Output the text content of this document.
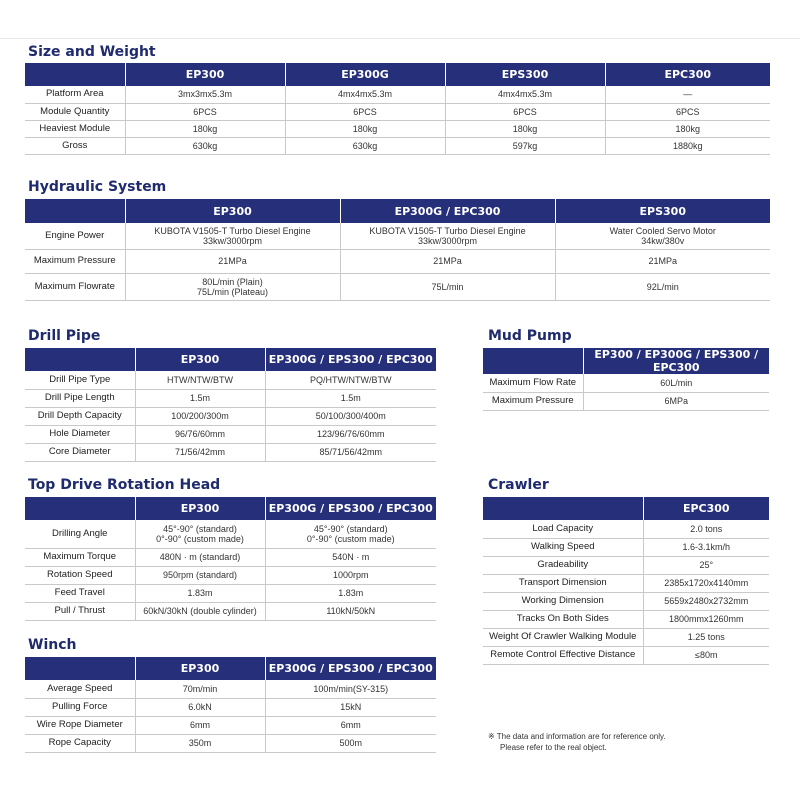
Size and Weight
	EP300	EP300G	EPS300	EPC300
Platform Area	3mx3mx5.3m	4mx4mx5.3m	4mx4mx5.3m	—
Module Quantity	6PCS	6PCS	6PCS	6PCS
Heaviest Module	180kg	180kg	180kg	180kg
Gross	630kg	630kg	597kg	1880kg
Hydraulic System
	EP300	EP300G / EPC300	EPS300
Engine Power	KUBOTA V1505-T Turbo Diesel Engine
33kw/3000rpm	KUBOTA V1505-T Turbo Diesel Engine
33kw/3000rpm	Water Cooled Servo Motor
34kw/380v
Maximum Pressure	21MPa	21MPa	21MPa
Maximum Flowrate	80L/min (Plain)
75L/min (Plateau)	75L/min	92L/min
Drill Pipe
	EP300	EP300G / EPS300 / EPC300
Drill Pipe Type	HTW/NTW/BTW	PQ/HTW/NTW/BTW
Drill Pipe Length	1.5m	1.5m
Drill Depth Capacity	100/200/300m	50/100/300/400m
Hole Diameter	96/76/60mm	123/96/76/60mm
Core Diameter	71/56/42mm	85/71/56/42mm
Mud Pump
	EP300 / EP300G / EPS300 / EPC300
Maximum Flow Rate	60L/min
Maximum Pressure	6MPa
Top Drive Rotation Head
	EP300	EP300G / EPS300 / EPC300
Drilling Angle	45°-90° (standard)
0°-90° (custom made)	45°-90° (standard)
0°-90° (custom made)
Maximum Torque	480N · m (standard)	540N · m
Rotation Speed	950rpm (standard)	1000rpm
Feed Travel	1.83m	1.83m
Pull / Thrust	60kN/30kN (double cylinder)	110kN/50kN
Crawler
	EPC300
Load Capacity	2.0 tons
Walking Speed	1.6-3.1km/h
Gradeability	25°
Transport Dimension	2385x1720x4140mm
Working Dimension	5659x2480x2732mm
Tracks On Both Sides	1800mmx1260mm
Weight Of Crawler Walking Module	1.25 tons
Remote Control Effective Distance	≤80m
Winch
	EP300	EP300G / EPS300 / EPC300
Average Speed	70m/min	100m/min(SY-315)
Pulling Force	6.0kN	15kN
Wire Rope Diameter	6mm	6mm
Rope Capacity	350m	500m
※ The data and information are for reference only.
Please refer to the real object.
